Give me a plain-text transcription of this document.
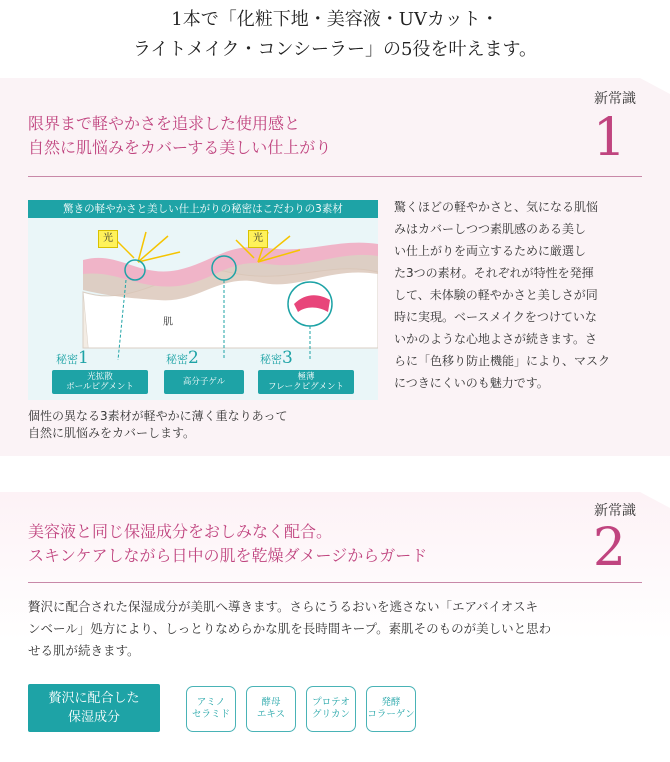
1本で「化粧下地・美容液・UVカット・
ライトメイク・コンシーラー」の5役を叶えます。
新常識
1
限界まで軽やかさを追求した使用感と
自然に肌悩みをカバーする美しい仕上がり
驚きの軽やかさと美しい仕上がりの秘密はこだわりの3素材
光	光
肌
秘密1	秘密2	秘密3
光拡散
ボールピグメント	高分子ゲル	極薄
フレークピグメント
個性の異なる3素材が軽やかに薄く重なりあって
自然に肌悩みをカバーします。
驚くほどの軽やかさと、気になる肌悩
みはカバーしつつ素肌感のある美し
い仕上がりを両立するために厳選し
た3つの素材。それぞれが特性を発揮
して、未体験の軽やかさと美しさが同
時に実現。ベースメイクをつけていな
いかのような心地よさが続きます。さ
らに「色移り防止機能」により、マスク
につきにくいのも魅力です。
新常識
2
美容液と同じ保湿成分をおしみなく配合。
スキンケアしながら日中の肌を乾燥ダメージからガード
贅沢に配合された保湿成分が美肌へ導きます。さらにうるおいを逃さない「エアバイオスキ
ンベール」処方により、しっとりなめらかな肌を長時間キープ。素肌そのものが美しいと思わ
せる肌が続きます。
贅沢に配合した
保湿成分
アミノ
セラミド
酵母
エキス
プロテオ
グリカン
発酵
コラーゲン
